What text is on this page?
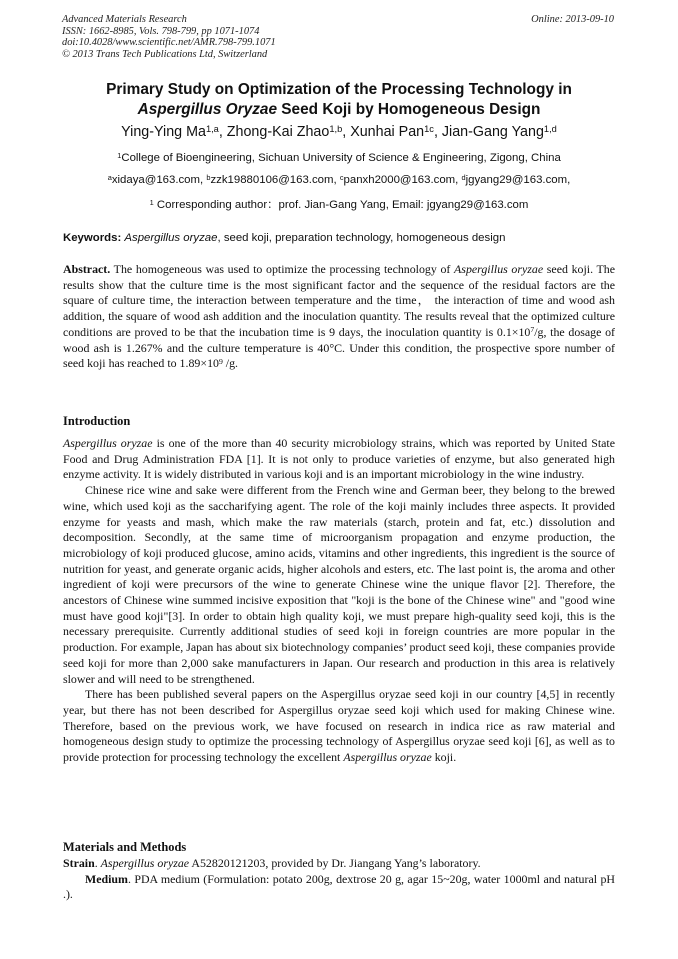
Advanced Materials Research
ISSN: 1662-8985, Vols. 798-799, pp 1071-1074
doi:10.4028/www.scientific.net/AMR.798-799.1071
© 2013 Trans Tech Publications Ltd, Switzerland
Online: 2013-09-10
Primary Study on Optimization of the Processing Technology in
Aspergillus Oryzae Seed Koji by Homogeneous Design
Ying-Ying Ma$^{1,a}$, Zhong-Kai Zhao$^{1,b}$, Xunhai Pan$^{1c}$, Jian-Gang Yang$^{1,d}$
$^1$College of Bioengineering, Sichuan University of Science & Engineering, Zigong, China
$^a$xidaya@163.com, $^b$zzk19880106@163.com, $^c$panxh2000@163.com, $^d$jgyang29@163.com,
$^1$ Corresponding author：prof. Jian-Gang Yang, Email: jgyang29@163.com
Keywords: Aspergillus oryzae, seed koji, preparation technology, homogeneous design

Abstract. The homogeneous was used to optimize the processing technology of Aspergillus oryzae seed koji. The results show that the culture time is the most significant factor and the sequence of the residual factors are the square of culture time, the interaction between temperature and the time， the interaction of time and wood ash addition, the square of wood ash addition and the inoculation quantity. The results reveal that the optimized culture conditions are proved to be that the incubation time is 9 days, the inoculation quantity is $0.1\times 10^7/g$, the dosage of wood ash is 1.267% and the culture temperature is 40°C. Under this condition, the prospective spore number of seed koji has reached to $1.89\times 10^9$ /g.

Introduction

Aspergillus oryzae is one of the more than 40 security microbiology strains, which was reported by United State Food and Drug Administration FDA [1]. It is not only to produce varieties of enzyme, but also generated high enzyme activity. It is widely distributed in various koji and is an important microbiology in the wine industry.

Chinese rice wine and sake were different from the French wine and German beer, they belong to the brewed wine, which used koji as the saccharifying agent. The role of the koji mainly includes three aspects. It provided enzyme for yeasts and mash, which make the raw materials (starch, protein and fat, etc.) dissolution and decomposition. Secondly, at the same time of microorganism propagation and enzyme production, the microbiology of koji produced glucose, amino acids, vitamins and other ingredients, this ingredient is the source of nutrition for yeast, and generate organic acids, higher alcohols and esters, etc. The last point is, the aroma and other ingredient of koji were precursors of the wine to generate Chinese wine the unique flavor [2]. Therefore, the ancestors of Chinese wine summed incisive exposition that "koji is the bone of the Chinese wine" and "good wine must have good koji"[3]. In order to obtain high quality koji, we must prepare high-quality seed koji, this is the necessary prerequisite. Currently additional studies of seed koji in foreign countries are more popular in the production. For example, Japan has about six biotechnology companies’ product seed koji, these companies provide seed koji for more than 2,000 sake manufacturers in Japan. Our research and production in this area is relatively slower and will need to be strengthened.

There has been published several papers on the Aspergillus oryzae seed koji in our country [4,5] in recently year, but there has not been described for Aspergillus oryzae seed koji which used for making Chinese wine. Therefore, based on the previous work, we have focused on research in indica rice as raw material and homogeneous design study to optimize the processing technology of Aspergillus oryzae seed koji [6], as well as to provide protection for processing technology the excellent Aspergillus oryzae koji.

Materials and Methods

Strain. Aspergillus oryzae A52820121203, provided by Dr. Jiangang Yang’s laboratory.

Medium. PDA medium (Formulation: potato 200g, dextrose 20 g, agar 15~20g, water 1000ml and natural pH .).
